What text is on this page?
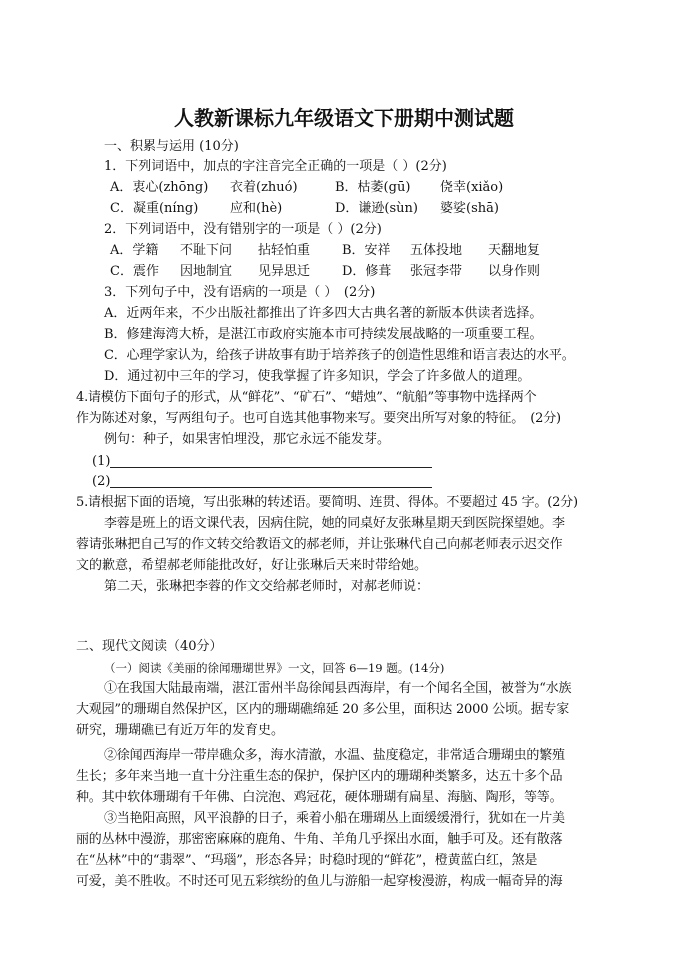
人教新课标九年级语文下册期中测试题
一、积累与运用 (10分)
1．下列词语中，加点的字注音完全正确的一项是（ ）(2分)
A．衷心(zhōng) 衣着(zhuó)	B．枯萎(gū) 侥幸(xiǎo)
C．凝重(níng) 应和(hè)	D．谦逊(sùn) 婆娑(shā)
2．下列词语中，没有错别字的一项是（ ）(2分)
A．学籍 不耻下问 拈轻怕重 B．安祥 五体投地 天翻地复
C．震作 因地制宜 见异思迁 D．修葺 张冠李带 以身作则
3．下列句子中，没有语病的一项是（ ）　(2分)
A．近两年来，不少出版社都推出了许多四大古典名著的新版本供读者选择。
B．修建海湾大桥，是湛江市政府实施本市可持续发展战略的一项重要工程。
C．心理学家认为，给孩子讲故事有助于培养孩子的创造性思维和语言表达的水平。
D．通过初中三年的学习，使我掌握了许多知识，学会了许多做人的道理。
4.请模仿下面句子的形式，从“鲜花”、“矿石”、“蜡烛”、“航船”等事物中选择两个
作为陈述对象，写两组句子。也可自选其他事物来写。要突出所写对象的特征。　(2分)
例句：种子，如果害怕埋没，那它永远不能发芽。
(1)
(2)
5.请根据下面的语境，写出张琳的转述语。要简明、连贯、得体。不要超过 45 字。(2分)
李蓉是班上的语文课代表，因病住院，她的同桌好友张琳星期天到医院探望她。李
蓉请张琳把自己写的作文转交给教语文的郝老师，并让张琳代自己向郝老师表示迟交作
文的歉意，希望郝老师能批改好，好让张琳后天来时带给她。
第二天，张琳把李蓉的作文交给郝老师时，对郝老师说：
二、现代文阅读（40分）
（一）阅读《美丽的徐闻珊瑚世界》一文，回答 6—19 题。(14分)
①在我国大陆最南端，湛江雷州半岛徐闻县西海岸，有一个闻名全国，被誉为“水族
大观园”的珊瑚自然保护区，区内的珊瑚礁绵延 20 多公里，面积达 2000 公顷。据专家
研究，珊瑚礁已有近万年的发育史。
②徐闻西海岸一带岸礁众多，海水清澈，水温、盐度稳定，非常适合珊瑚虫的繁殖
生长；多年来当地一直十分注重生态的保护，保护区内的珊瑚种类繁多，达五十多个品
种。其中软体珊瑚有千年佛、白浣泡、鸡冠花，硬体珊瑚有扁星、海脑、陶形，等等。
③当艳阳高照，风平浪静的日子，乘着小船在珊瑚丛上面缓缓滑行，犹如在一片美
丽的丛林中漫游，那密密麻麻的鹿角、牛角、羊角几乎探出水面，触手可及。还有散落
在“丛林”中的“翡翠”、“玛瑙”，形态各异；时稳时现的“鲜花”，橙黄蓝白红，煞是
可爱，美不胜收。不时还可见五彩缤纷的鱼儿与游船一起穿梭漫游，构成一幅奇异的海
